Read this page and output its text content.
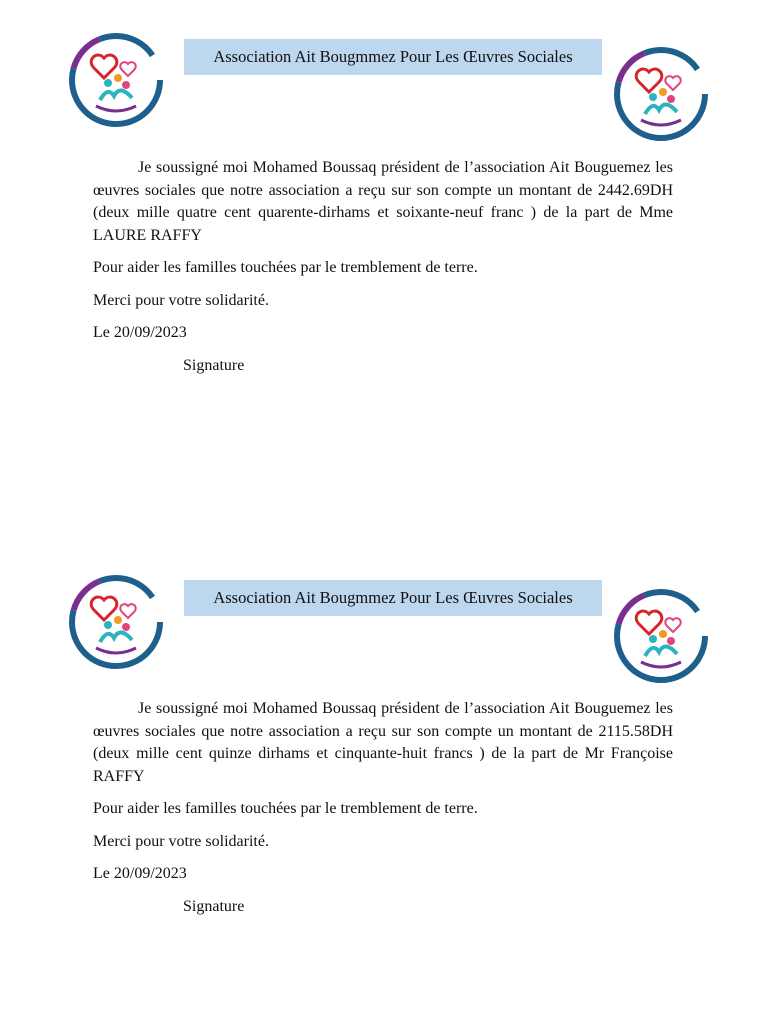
Association Ait Bougmmez Pour Les Œuvres Sociales

Je soussigné moi Mohamed Boussaq président de l’association Ait Bouguemez les œuvres sociales que notre association a reçu sur son compte un montant de 2442.69DH (deux mille quatre cent quarente-dirhams et soixante-neuf franc ) de la part de Mme LAURE RAFFY

Pour aider les familles touchées par le tremblement de terre.

Merci pour votre solidarité.

Le 20/09/2023

Signature

Association Ait Bougmmez Pour Les Œuvres Sociales

Je soussigné moi Mohamed Boussaq président de l’association Ait Bouguemez les œuvres sociales que notre association a reçu sur son compte un montant de 2115.58DH (deux mille cent quinze dirhams et cinquante-huit francs ) de la part de Mr Françoise RAFFY

Pour aider les familles touchées par le tremblement de terre.

Merci pour votre solidarité.

Le 20/09/2023

Signature
